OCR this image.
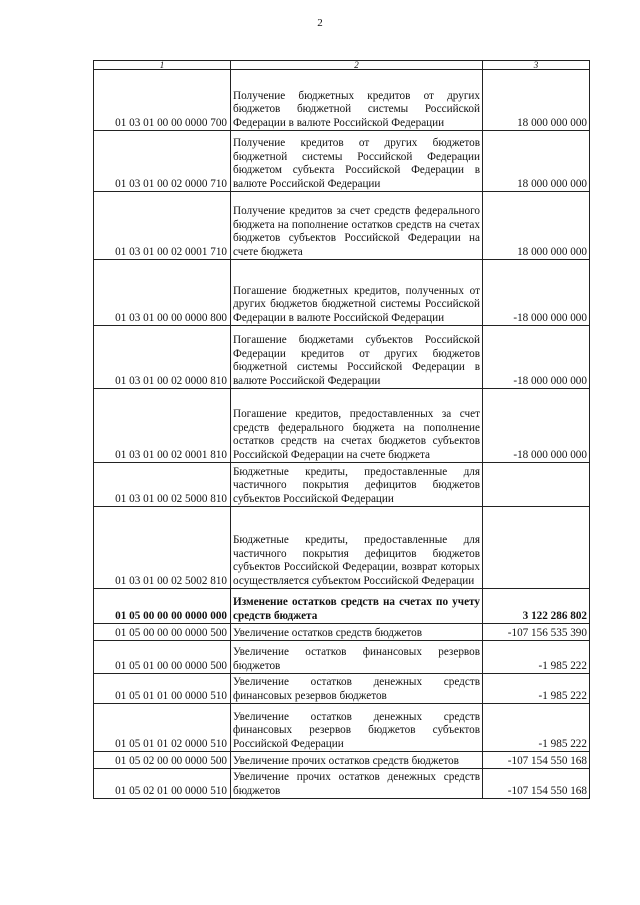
2
1	2	3
01 03 01 00 00 0000 700	Получение бюджетных кредитов от других бюджетов бюджетной системы Российской Федерации в валюте Российской Федерации	18 000 000 000
01 03 01 00 02 0000 710	Получение кредитов от других бюджетов бюджетной системы Российской Федерации бюджетом субъекта Российской Федерации в валюте Российской Федерации	18 000 000 000
01 03 01 00 02 0001 710	Получение кредитов за счет средств федерального бюджета на пополнение остатков средств на счетах бюджетов субъектов Российской Федерации на счете бюджета	18 000 000 000
01 03 01 00 00 0000 800	Погашение бюджетных кредитов, полученных от других бюджетов бюджетной системы Российской Федерации в валюте Российской Федерации	-18 000 000 000
01 03 01 00 02 0000 810	Погашение бюджетами субъектов Российской Федерации кредитов от других бюджетов бюджетной системы Российской Федерации в валюте Российской Федерации	-18 000 000 000
01 03 01 00 02 0001 810	Погашение кредитов, предоставленных за счет средств федерального бюджета на пополнение остатков средств на счетах бюджетов субъектов Российской Федерации на счете бюджета	-18 000 000 000
01 03 01 00 02 5000 810	Бюджетные кредиты, предоставленные для частичного покрытия дефицитов бюджетов субъектов Российской Федерации	
01 03 01 00 02 5002 810	Бюджетные кредиты, предоставленные для частичного покрытия дефицитов бюджетов субъектов Российской Федерации, возврат которых осуществляется субъектом Российской Федерации	
01 05 00 00 00 0000 000	Изменение остатков средств на счетах по учету средств бюджета	3 122 286 802
01 05 00 00 00 0000 500	Увеличение остатков средств бюджетов	-107 156 535 390
01 05 01 00 00 0000 500	Увеличение остатков финансовых резервов бюджетов	-1 985 222
01 05 01 01 00 0000 510	Увеличение остатков денежных средств финансовых резервов бюджетов	-1 985 222
01 05 01 01 02 0000 510	Увеличение остатков денежных средств финансовых резервов бюджетов субъектов Российской Федерации	-1 985 222
01 05 02 00 00 0000 500	Увеличение прочих остатков средств бюджетов	-107 154 550 168
01 05 02 01 00 0000 510	Увеличение прочих остатков денежных средств бюджетов	-107 154 550 168
